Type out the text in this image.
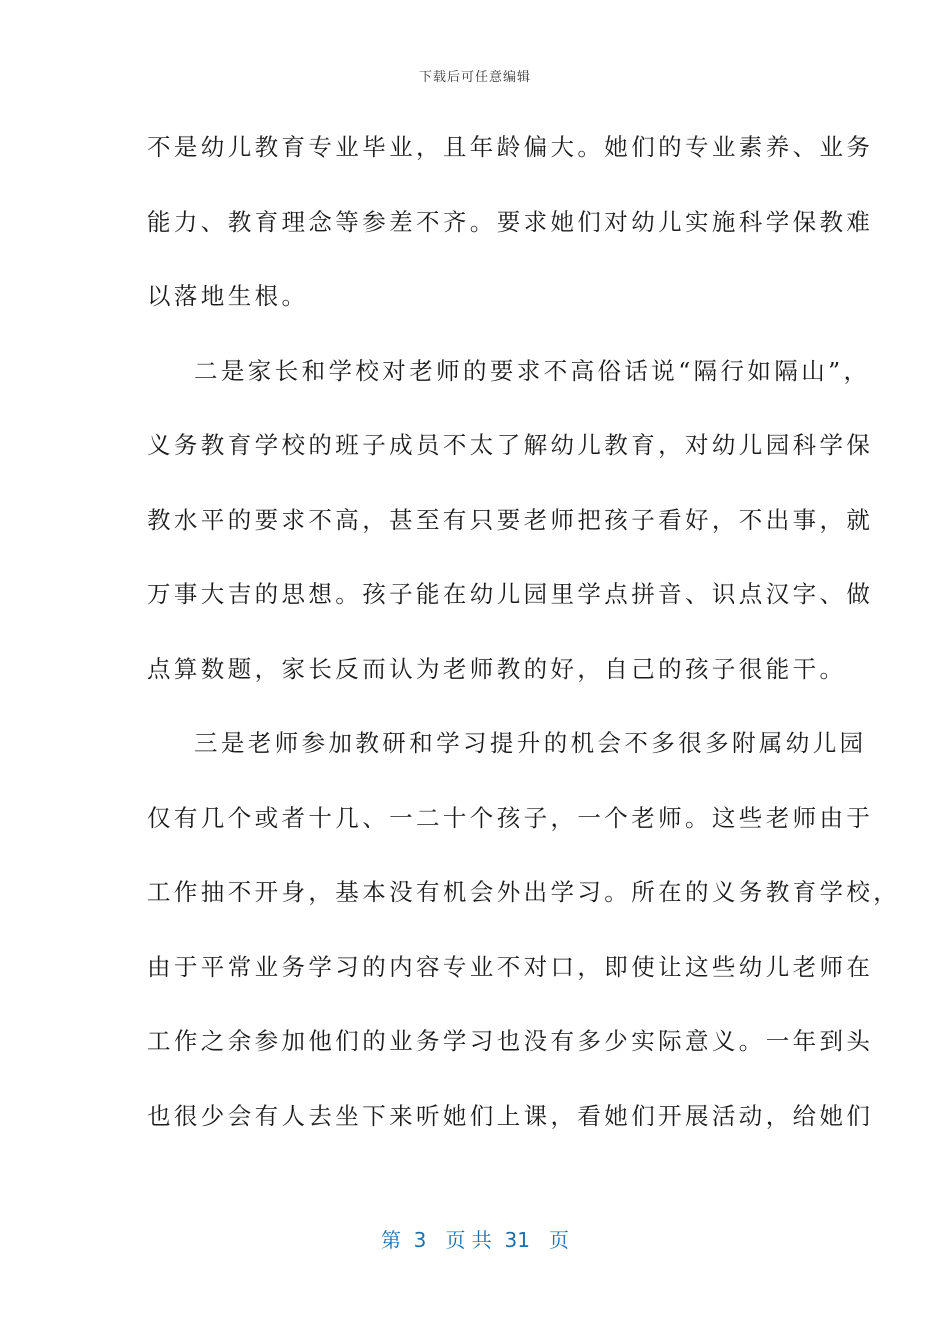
下载后可任意编辑
不是幼儿教育专业毕业，且年龄偏大。她们的专业素养、业务
能力、教育理念等参差不齐。要求她们对幼儿实施科学保教难
以落地生根。
二是家长和学校对老师的要求不高俗话说“隔行如隔山”，
义务教育学校的班子成员不太了解幼儿教育，对幼儿园科学保
教水平的要求不高，甚至有只要老师把孩子看好，不出事，就
万事大吉的思想。孩子能在幼儿园里学点拼音、识点汉字、做
点算数题，家长反而认为老师教的好，自己的孩子很能干。
三是老师参加教研和学习提升的机会不多很多附属幼儿园
仅有几个或者十几、一二十个孩子，一个老师。这些老师由于
工作抽不开身，基本没有机会外出学习。所在的义务教育学校，
由于平常业务学习的内容专业不对口，即使让这些幼儿老师在
工作之余参加他们的业务学习也没有多少实际意义。一年到头
也很少会有人去坐下来听她们上课，看她们开展活动，给她们
第  3   页 共  31   页
